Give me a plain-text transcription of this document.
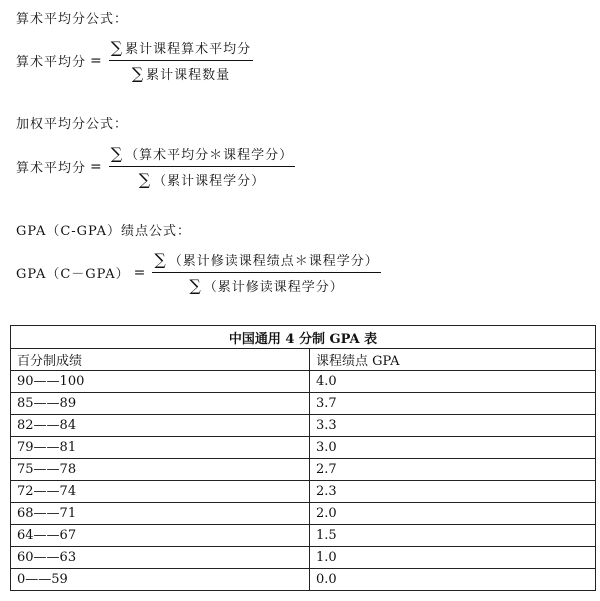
算术平均分公式：
算术平均分 = $\frac{\text{∑ 累计课程算术平均分}}{\text{∑ 累计课程数量}}$
加权平均分公式：
算术平均分 = $\frac{\text{∑ （算术平均分＊课程学分）}}{\text{∑ （累计课程学分）}}$
GPA（C-GPA）绩点公式：
$GPA(C-GPA) = \frac{\text{∑ （累计修读课程绩点＊课程学分）}}{\text{∑ （累计修读课程学分）}}$
中国通用 4 分制 GPA 表	
百分制成绩	课程绩点 GPA
90——100	4.0
85——89	3.7
82——84	3.3
79——81	3.0
75——78	2.7
72——74	2.3
68——71	2.0
64——67	1.5
60——63	1.0
0——59	0.0
